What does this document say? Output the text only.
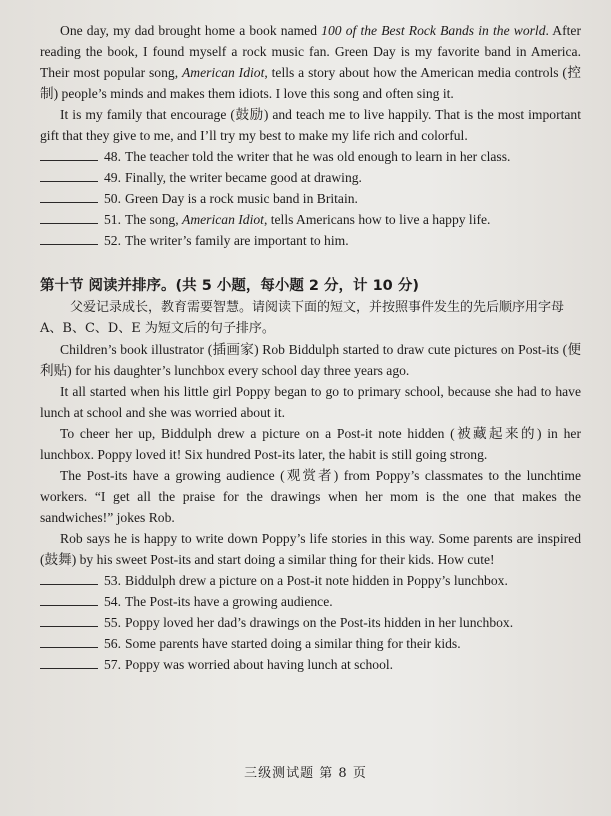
One day, my dad brought home a book named 100 of the Best Rock Bands in the world. After reading the book, I found myself a rock music fan. Green Day is my favorite band in America. Their most popular song, American Idiot, tells a story about how the American media controls (控制) people’s minds and makes them idiots. I love this song and often sing it.

It is my family that encourage (鼓励) and teach me to live happily. That is the most important gift that they give to me, and I’ll try my best to make my life rich and colorful.

48. The teacher told the writer that he was old enough to learn in her class.
49. Finally, the writer became good at drawing.
50. Green Day is a rock music band in Britain.
51. The song, American Idiot, tells Americans how to live a happy life.
52. The writer’s family are important to him.

第十节 阅读并排序。(共 5 小题，每小题 2 分，计 10 分)

父爱记录成长，教育需要智慧。请阅读下面的短文，并按照事件发生的先后顺序用字母 A、B、C、D、E 为短文后的句子排序。

Children’s book illustrator (插画家) Rob Biddulph started to draw cute pictures on Post-its (便利贴) for his daughter’s lunchbox every school day three years ago.

It all started when his little girl Poppy began to go to primary school, because she had to have lunch at school and she was worried about it.

To cheer her up, Biddulph drew a picture on a Post-it note hidden (被藏起来的) in her lunchbox. Poppy loved it! Six hundred Post-its later, the habit is still going strong.

The Post-its have a growing audience (观赏者) from Poppy’s classmates to the lunchtime workers. “I get all the praise for the drawings when her mom is the one that makes the sandwiches!” jokes Rob.

Rob says he is happy to write down Poppy’s life stories in this way. Some parents are inspired (鼓舞) by his sweet Post-its and start doing a similar thing for their kids. How cute!

53. Biddulph drew a picture on a Post-it note hidden in Poppy’s lunchbox.
54. The Post-its have a growing audience.
55. Poppy loved her dad’s drawings on the Post-its hidden in her lunchbox.
56. Some parents have started doing a similar thing for their kids.
57. Poppy was worried about having lunch at school.
三级测试题 第 8 页
